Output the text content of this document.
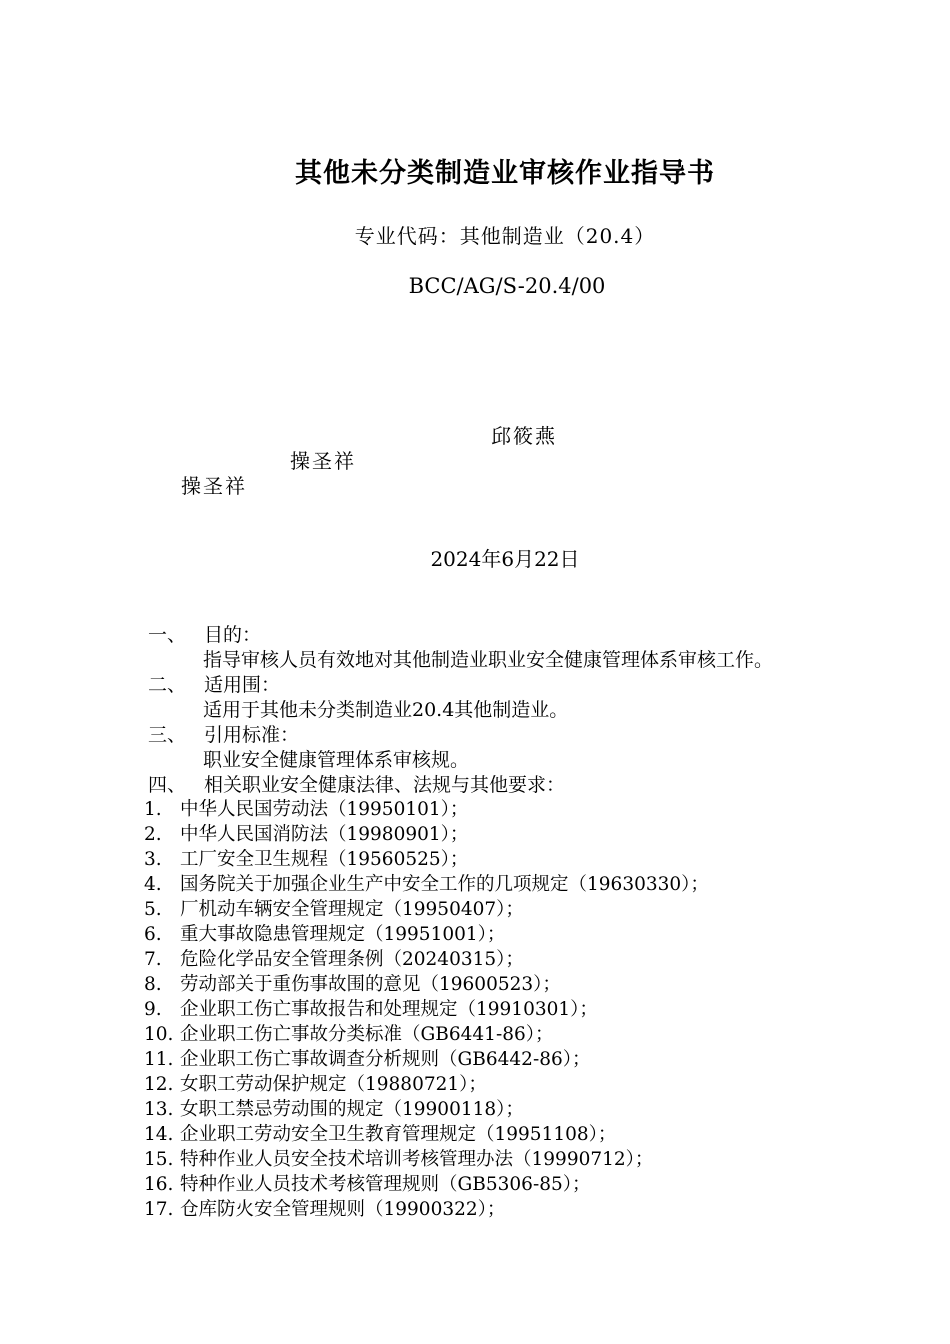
其他未分类制造业审核作业指导书
专业代码：其他制造业（20.4）
BCC/AG/S-20.4/00
邱筱燕
操圣祥
操圣祥
2024年6月22日
一、 目的：
指导审核人员有效地对其他制造业职业安全健康管理体系审核工作。
二、 适用围：
适用于其他未分类制造业20.4其他制造业。
三、 引用标准：
职业安全健康管理体系审核规。
四、 相关职业安全健康法律、法规与其他要求：
1. 中华人民国劳动法（19950101）；
2. 中华人民国消防法（19980901）；
3. 工厂安全卫生规程（19560525）；
4. 国务院关于加强企业生产中安全工作的几项规定（19630330）；
5. 厂机动车辆安全管理规定（19950407）；
6. 重大事故隐患管理规定（19951001）；
7. 危险化学品安全管理条例（20240315）；
8. 劳动部关于重伤事故围的意见（19600523）；
9. 企业职工伤亡事故报告和处理规定（19910301）；
10. 企业职工伤亡事故分类标准（GB6441-86）；
11. 企业职工伤亡事故调查分析规则（GB6442-86）；
12. 女职工劳动保护规定（19880721）；
13. 女职工禁忌劳动围的规定（19900118）；
14. 企业职工劳动安全卫生教育管理规定（19951108）；
15. 特种作业人员安全技术培训考核管理办法（19990712）；
16. 特种作业人员技术考核管理规则（GB5306-85）；
17. 仓库防火安全管理规则（19900322）；
